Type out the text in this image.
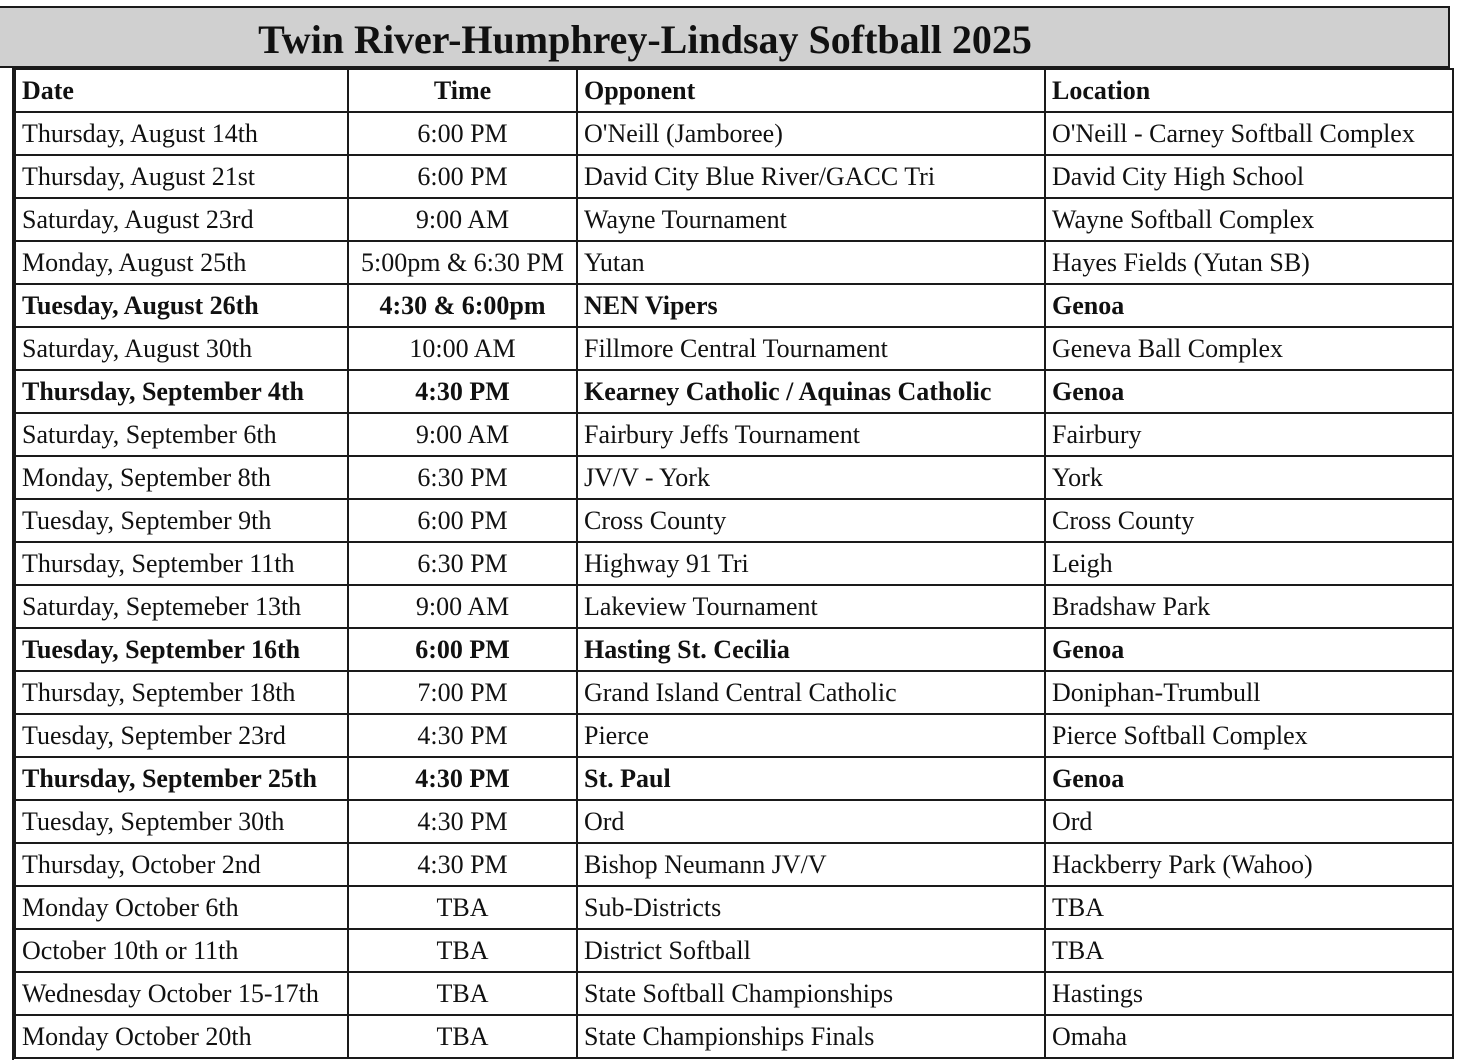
Twin River-Humphrey-Lindsay Softball 2025
Date	Time	Opponent	Location
Thursday, August 14th	6:00 PM	O'Neill (Jamboree)	O'Neill - Carney Softball Complex
Thursday, August 21st	6:00 PM	David City Blue River/GACC Tri	David City High School
Saturday, August 23rd	9:00 AM	Wayne Tournament	Wayne Softball Complex
Monday, August 25th	5:00pm & 6:30 PM	Yutan	Hayes Fields (Yutan SB)
Tuesday, August 26th	4:30 & 6:00pm	NEN Vipers	Genoa
Saturday, August 30th	10:00 AM	Fillmore Central Tournament	Geneva Ball Complex
Thursday, September 4th	4:30 PM	Kearney Catholic / Aquinas Catholic	Genoa
Saturday, September 6th	9:00 AM	Fairbury Jeffs Tournament	Fairbury
Monday, September 8th	6:30 PM	JV/V - York	York
Tuesday, September 9th	6:00 PM	Cross County	Cross County
Thursday, September 11th	6:30 PM	Highway 91 Tri	Leigh
Saturday, Septemeber 13th	9:00 AM	Lakeview Tournament	Bradshaw Park
Tuesday, September 16th	6:00 PM	Hasting St. Cecilia	Genoa
Thursday, September 18th	7:00 PM	Grand Island Central Catholic	Doniphan-Trumbull
Tuesday, September 23rd	4:30 PM	Pierce	Pierce Softball Complex
Thursday, September 25th	4:30 PM	St. Paul	Genoa
Tuesday, September 30th	4:30 PM	Ord	Ord
Thursday, October 2nd	4:30 PM	Bishop Neumann JV/V	Hackberry Park (Wahoo)
Monday October 6th	TBA	Sub-Districts	TBA
October 10th or 11th	TBA	District Softball	TBA
Wednesday October 15-17th	TBA	State Softball Championships	Hastings
Monday October 20th	TBA	State Championships Finals	Omaha
